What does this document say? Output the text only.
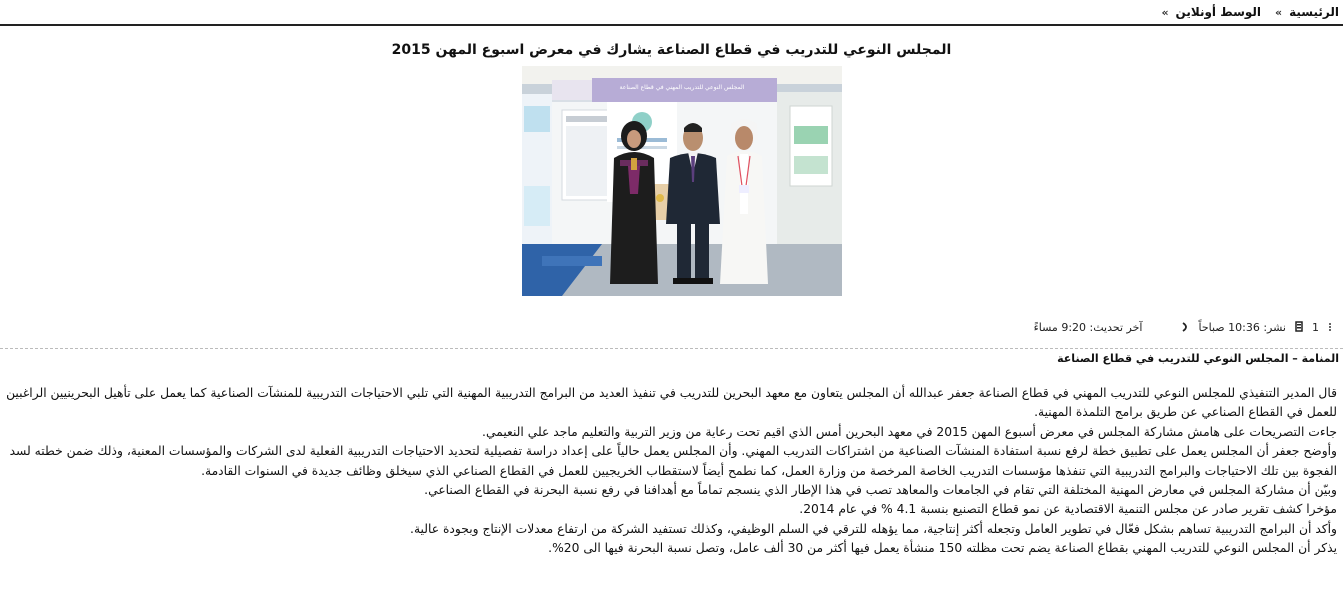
الرئيسية
»
الوسط أونلاين
»
المجلس النوعي للتدريب في قطاع الصناعة يشارك في معرض اسبوع المهن 2015
المجلس النوعي للتدريب المهني في قطاع الصناعة
1
نشر: 10:36 صباحاً
آخر تحديث: 9:20 مساءً
المنامة – المجلس النوعي للتدريب في قطاع الصناعة

قال المدير التنفيذي للمجلس النوعي للتدريب المهني في قطاع الصناعة جعفر عبدالله أن المجلس يتعاون مع معهد البحرين للتدريب في تنفيذ العديد من البرامج التدريبية المهنية التي تلبي الاحتياجات التدريبية للمنشآت الصناعية كما يعمل على تأهيل البحرينيين الراغبين للعمل في القطاع الصناعي عن طريق برامج التلمذة المهنية.

جاءت التصريحات على هامش مشاركة المجلس في معرض أسبوع المهن 2015 في معهد البحرين أمس الذي اقيم تحت رعاية من وزير التربية والتعليم ماجد علي النعيمي.

وأوضح جعفر أن المجلس يعمل على تطبيق خطة لرفع نسبة استفادة المنشآت الصناعية من اشتراكات التدريب المهني. وأن المجلس يعمل حالياً على إعداد دراسة تفصيلية لتحديد الاحتياجات التدريبية الفعلية لدى الشركات والمؤسسات المعنية، وذلك ضمن خطته لسد الفجوة بين تلك الاحتياجات والبرامج التدريبية التي تنفذها مؤسسات التدريب الخاصة المرخصة من وزارة العمل، كما نطمح أيضاً لاستقطاب الخريجيين للعمل في القطاع الصناعي الذي سيخلق وظائف جديدة في السنوات القادمة.

وبيّن أن مشاركة المجلس في معارض المهنية المختلفة التي تقام في الجامعات والمعاهد تصب في هذا الإطار الذي ينسجم تماماً مع أهدافنا في رفع نسبة البحرنة في القطاع الصناعي.

مؤخرا كشف تقرير صادر عن مجلس التنمية الاقتصادية عن نمو قطاع التصنيع بنسبة 4.1 % في عام 2014.

وأكد أن البرامج التدريبية تساهم بشكل فعّال في تطوير العامل وتجعله أكثر إنتاجية، مما يؤهله للترقي في السلم الوظيفي، وكذلك تستفيد الشركة من ارتفاع معدلات الإنتاج وبجودة عالية.

يذكر أن المجلس النوعي للتدريب المهني بقطاع الصناعة يضم تحت مظلته 150 منشأة يعمل فيها أكثر من 30 ألف عامل، وتصل نسبة البحرنة فيها الى 20%.
